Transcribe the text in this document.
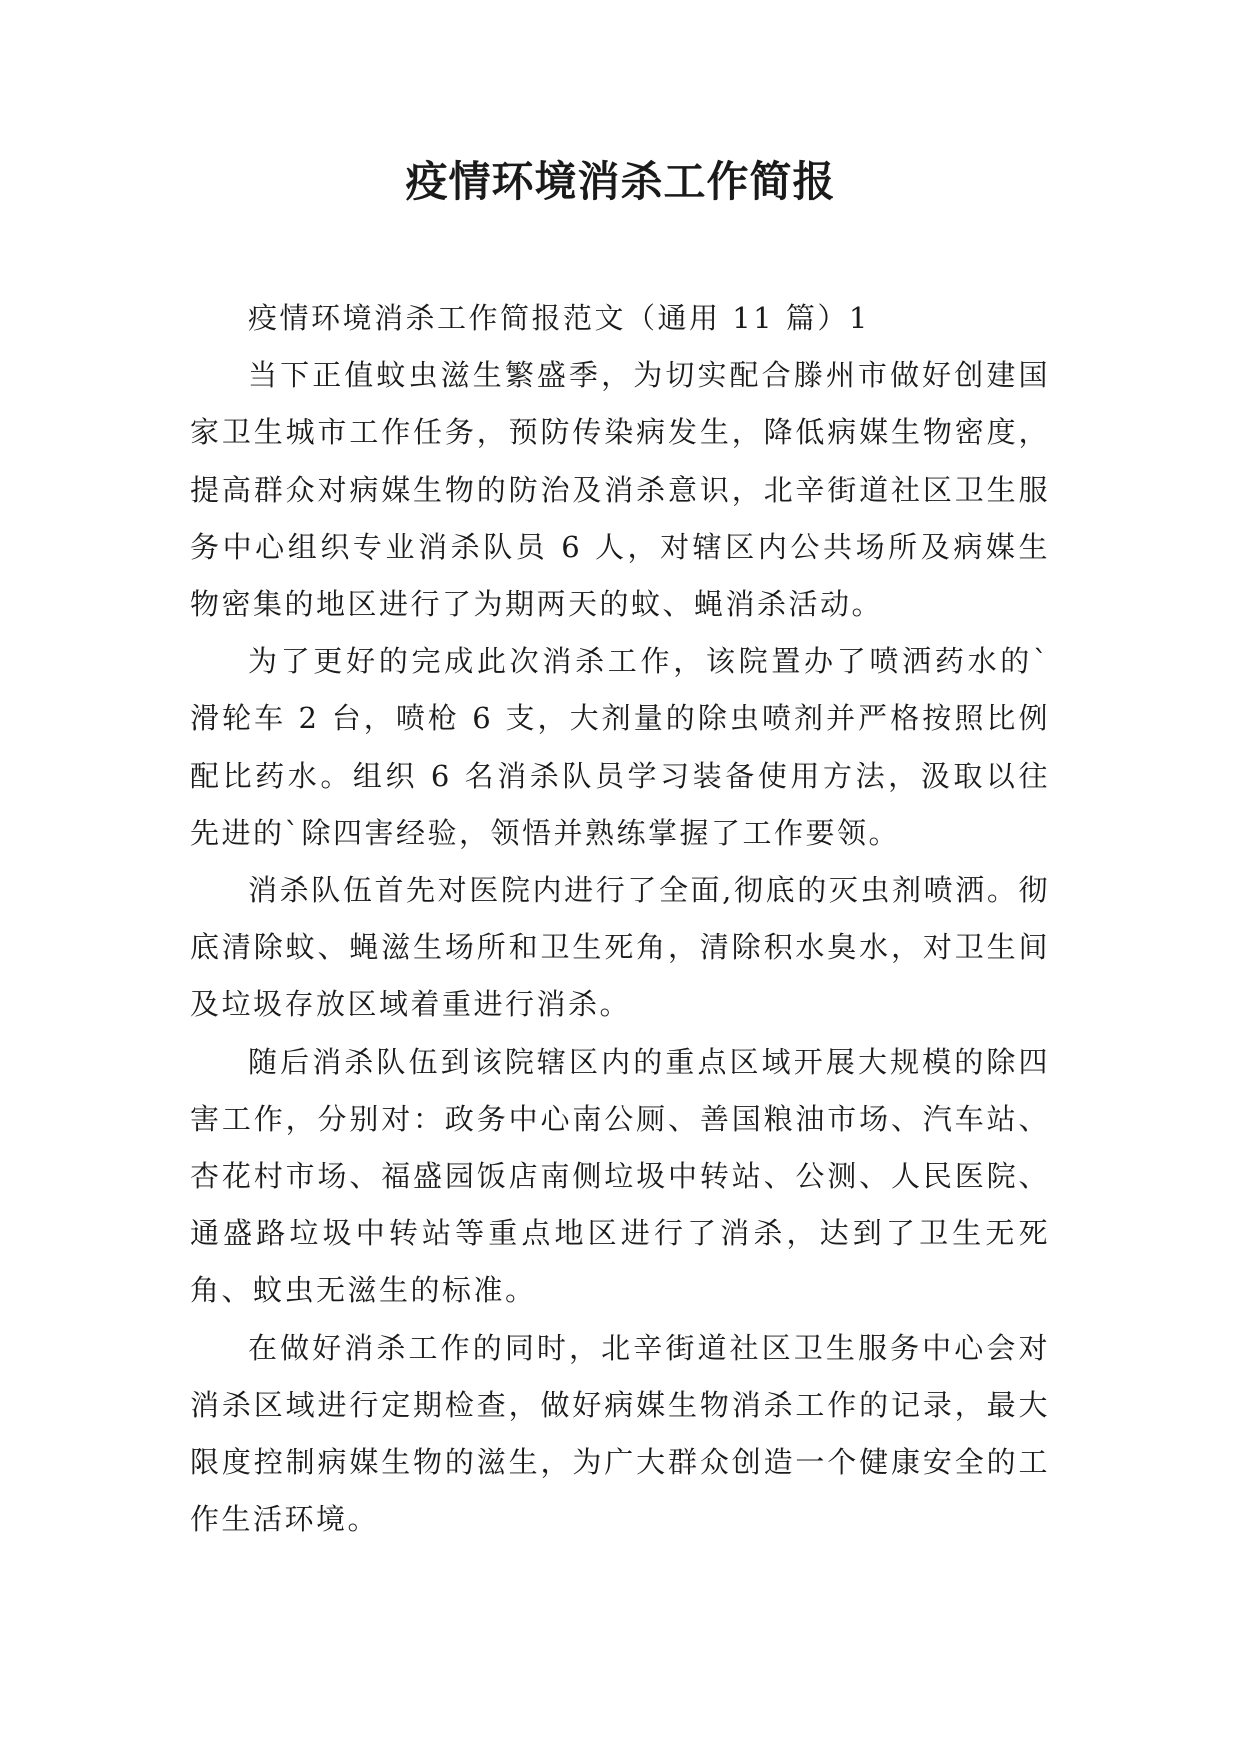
疫情环境消杀工作简报

疫情环境消杀工作简报范文（通用 11 篇）1

当下正值蚊虫滋生繁盛季，为切实配合滕州市做好创建国家卫生城市工作任务，预防传染病发生，降低病媒生物密度，提高群众对病媒生物的防治及消杀意识，北辛街道社区卫生服务中心组织专业消杀队员 6 人，对辖区内公共场所及病媒生物密集的地区进行了为期两天的蚊、蝇消杀活动。

为了更好的完成此次消杀工作，该院置办了喷洒药水的`滑轮车 2 台，喷枪 6 支，大剂量的除虫喷剂并严格按照比例配比药水。组织 6 名消杀队员学习装备使用方法，汲取以往先进的`除四害经验，领悟并熟练掌握了工作要领。

消杀队伍首先对医院内进行了全面,彻底的灭虫剂喷洒。彻底清除蚊、蝇滋生场所和卫生死角，清除积水臭水，对卫生间及垃圾存放区域着重进行消杀。

随后消杀队伍到该院辖区内的重点区域开展大规模的除四害工作，分别对：政务中心南公厕、善国粮油市场、汽车站、杏花村市场、福盛园饭店南侧垃圾中转站、公测、人民医院、通盛路垃圾中转站等重点地区进行了消杀，达到了卫生无死角、蚊虫无滋生的标准。

在做好消杀工作的同时，北辛街道社区卫生服务中心会对消杀区域进行定期检查，做好病媒生物消杀工作的记录，最大限度控制病媒生物的滋生，为广大群众创造一个健康安全的工作生活环境。
